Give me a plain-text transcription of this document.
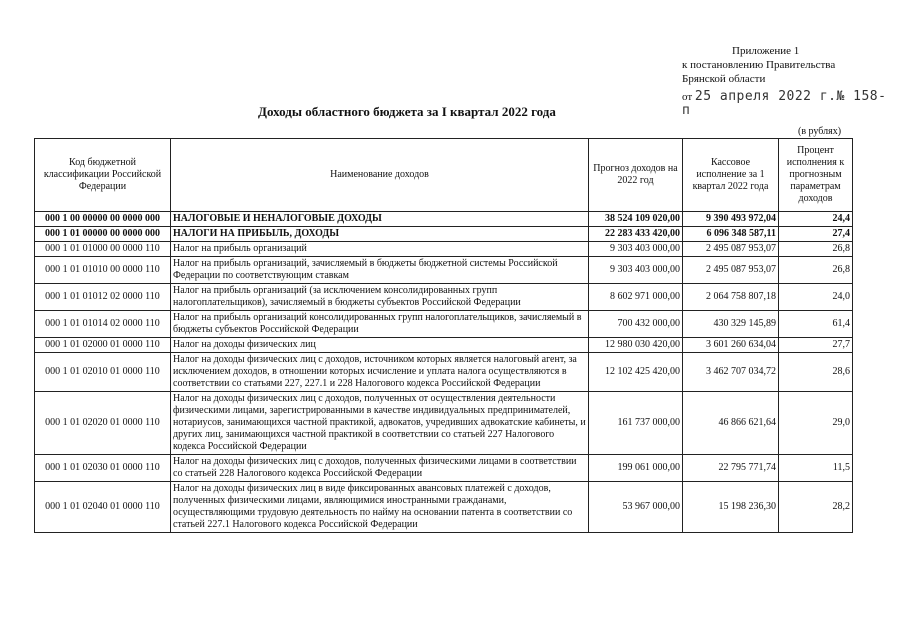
Приложение 1
к постановлению Правительства
Брянской области
от 25 апреля 2022 г.№ 158-п
Доходы областного бюджета за I квартал 2022 года
(в рублях)
Код бюджетной классификации Российской Федерации	Наименование доходов	Прогноз доходов на 2022 год	Кассовое исполнение за 1 квартал 2022 года	Процент исполнения к прогнозным параметрам доходов
000 1 00 00000 00 0000 000	НАЛОГОВЫЕ И НЕНАЛОГОВЫЕ ДОХОДЫ	38 524 109 020,00	9 390 493 972,04	24,4
000 1 01 00000 00 0000 000	НАЛОГИ НА ПРИБЫЛЬ, ДОХОДЫ	22 283 433 420,00	6 096 348 587,11	27,4
000 1 01 01000 00 0000 110	Налог на прибыль организаций	9 303 403 000,00	2 495 087 953,07	26,8
000 1 01 01010 00 0000 110	Налог на прибыль организаций, зачисляемый в бюджеты бюджетной системы Российской Федерации по соответствующим ставкам	9 303 403 000,00	2 495 087 953,07	26,8
000 1 01 01012 02 0000 110	Налог на прибыль организаций (за исключением консолидированных групп налогоплательщиков), зачисляемый в бюджеты субъектов Российской Федерации	8 602 971 000,00	2 064 758 807,18	24,0
000 1 01 01014 02 0000 110	Налог на прибыль организаций консолидированных групп налогоплательщиков, зачисляемый в бюджеты субъектов Российской Федерации	700 432 000,00	430 329 145,89	61,4
000 1 01 02000 01 0000 110	Налог на доходы физических лиц	12 980 030 420,00	3 601 260 634,04	27,7
000 1 01 02010 01 0000 110	Налог на доходы физических лиц с доходов, источником которых является налоговый агент, за исключением доходов, в отношении которых исчисление и уплата налога осуществляются в соответствии со статьями 227, 227.1 и 228 Налогового кодекса Российской Федерации	12 102 425 420,00	3 462 707 034,72	28,6
000 1 01 02020 01 0000 110	Налог на доходы физических лиц с доходов, полученных от осуществления деятельности физическими лицами, зарегистрированными в качестве индивидуальных предпринимателей, нотариусов, занимающихся частной практикой, адвокатов, учредивших адвокатские кабинеты, и других лиц, занимающихся частной практикой в соответствии со статьей 227 Налогового кодекса Российской Федерации	161 737 000,00	46 866 621,64	29,0
000 1 01 02030 01 0000 110	Налог на доходы физических лиц с доходов, полученных физическими лицами в соответствии со статьей 228 Налогового кодекса Российской Федерации	199 061 000,00	22 795 771,74	11,5
000 1 01 02040 01 0000 110	Налог на доходы физических лиц в виде фиксированных авансовых платежей с доходов, полученных физическими лицами, являющимися иностранными гражданами, осуществляющими трудовую деятельность по найму на основании патента в соответствии со статьей 227.1 Налогового кодекса Российской Федерации	53 967 000,00	15 198 236,30	28,2
